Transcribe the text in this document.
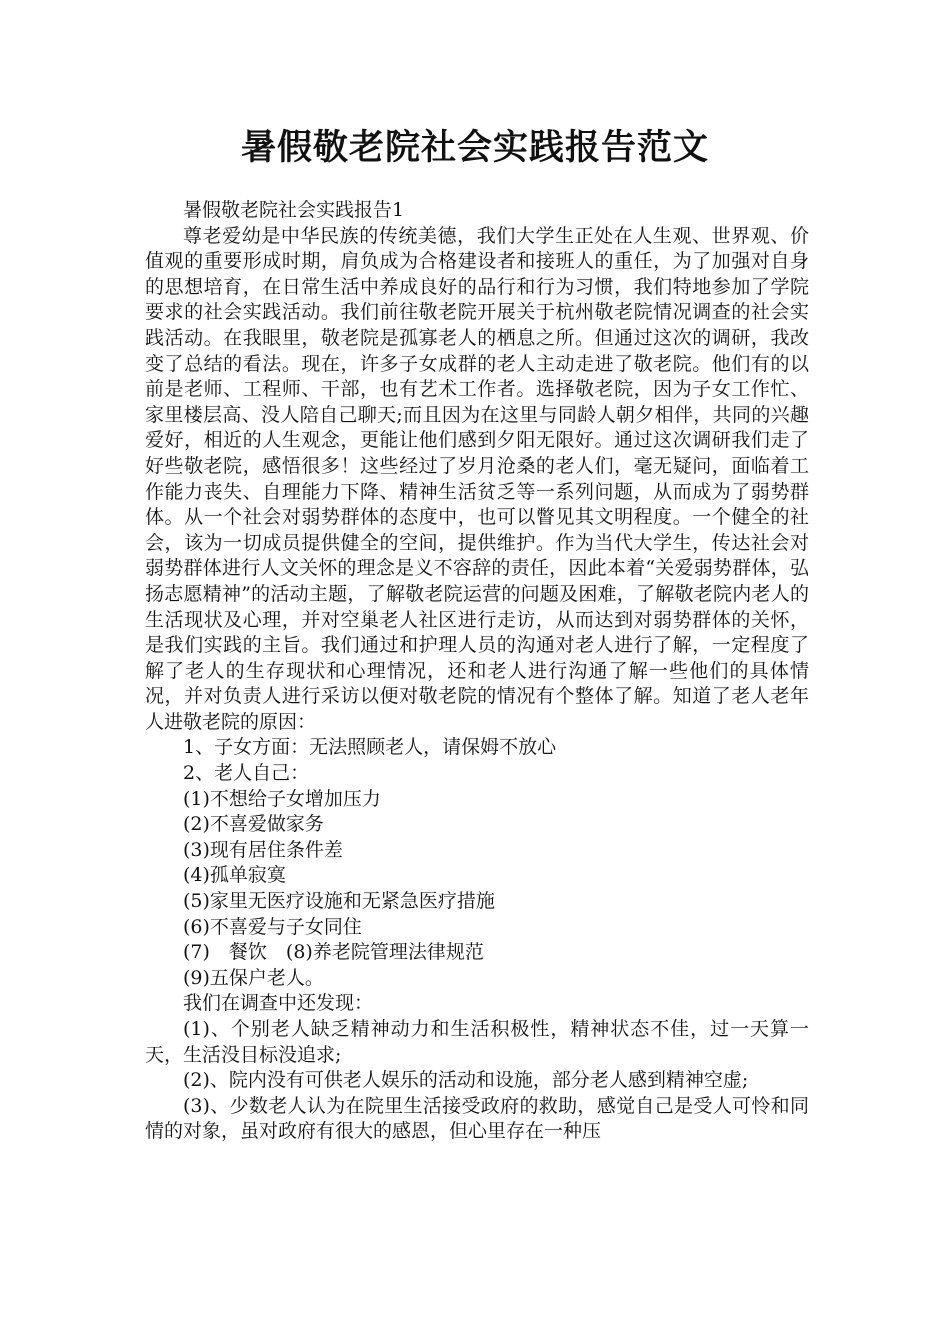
暑假敬老院社会实践报告范文

暑假敬老院社会实践报告1

尊老爱幼是中华民族的传统美德，我们大学生正处在人生观、世界观、价值观的重要形成时期，肩负成为合格建设者和接班人的重任，为了加强对自身的思想培育，在日常生活中养成良好的品行和行为习惯，我们特地参加了学院要求的社会实践活动。我们前往敬老院开展关于杭州敬老院情况调查的社会实践活动。在我眼里，敬老院是孤寡老人的栖息之所。但通过这次的调研，我改变了总结的看法。现在，许多子女成群的老人主动走进了敬老院。他们有的以前是老师、工程师、干部，也有艺术工作者。选择敬老院，因为子女工作忙、家里楼层高、没人陪自己聊天;而且因为在这里与同龄人朝夕相伴，共同的兴趣爱好，相近的人生观念，更能让他们感到夕阳无限好。通过这次调研我们走了好些敬老院，感悟很多！这些经过了岁月沧桑的老人们，毫无疑问，面临着工作能力丧失、自理能力下降、精神生活贫乏等一系列问题，从而成为了弱势群体。从一个社会对弱势群体的态度中，也可以瞥见其文明程度。一个健全的社会，该为一切成员提供健全的空间，提供维护。作为当代大学生，传达社会对弱势群体进行人文关怀的理念是义不容辞的责任，因此本着“关爱弱势群体，弘扬志愿精神”的活动主题，了解敬老院运营的问题及困难，了解敬老院内老人的生活现状及心理，并对空巢老人社区进行走访，从而达到对弱势群体的关怀，是我们实践的主旨。我们通过和护理人员的沟通对老人进行了解，一定程度了解了老人的生存现状和心理情况，还和老人进行沟通了解一些他们的具体情况，并对负责人进行采访以便对敬老院的情况有个整体了解。知道了老人老年人进敬老院的原因：

1、子女方面：无法照顾老人，请保姆不放心

2、老人自己：

(1)不想给子女增加压力

(2)不喜爱做家务

(3)现有居住条件差

(4)孤单寂寞

(5)家里无医疗设施和无紧急医疗措施

(6)不喜爱与子女同住

(7)　餐饮　(8)养老院管理法律规范

(9)五保户老人。

我们在调查中还发现：

(1)、个别老人缺乏精神动力和生活积极性，精神状态不佳，过一天算一天，生活没目标没追求;

(2)、院内没有可供老人娱乐的活动和设施，部分老人感到精神空虚;

(3)、少数老人认为在院里生活接受政府的救助，感觉自己是受人可怜和同情的对象，虽对政府有很大的感恩，但心里存在一种压
